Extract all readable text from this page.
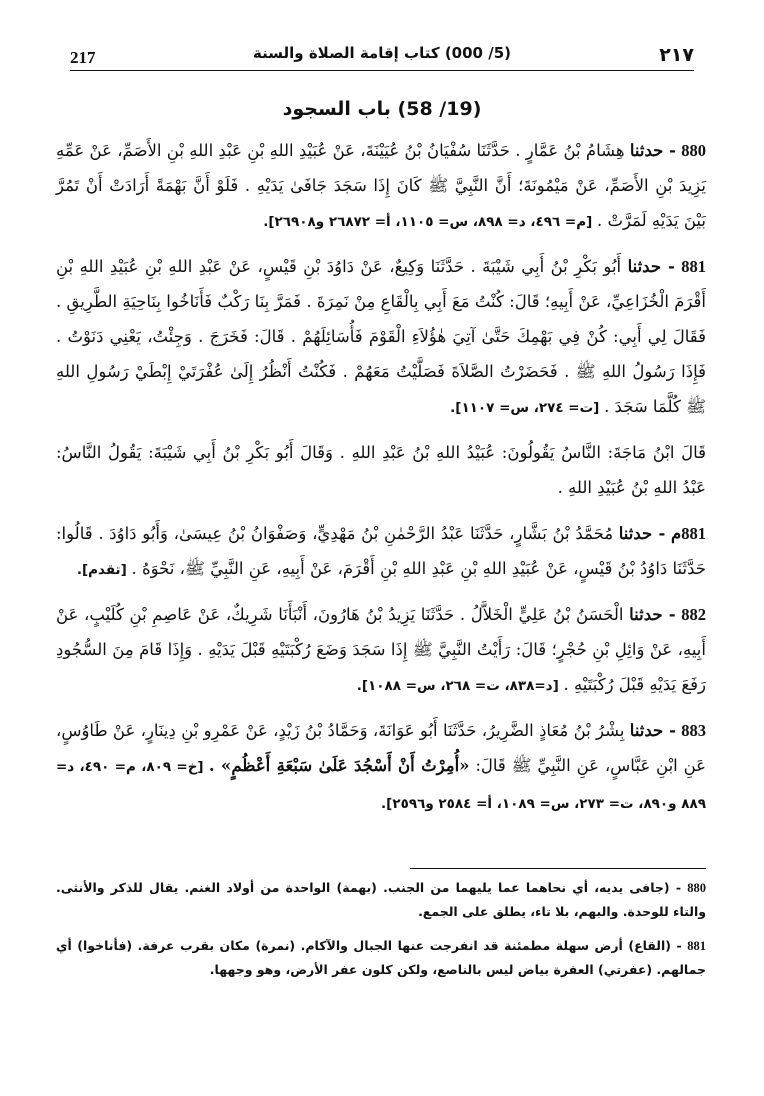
217	(5/ 000) كتاب إقامة الصلاة والسنة	٢١٧
(19/ 58) باب السجود

880 - حدثنا هِشَامُ بْنُ عَمَّارٍ . حَدَّثَنَا سُفْيَانُ بْنُ عُيَيْنَةَ، عَنْ عُبَيْدِ اللهِ بْنِ عَبْدِ اللهِ بْنِ الأَصَمِّ، عَنْ عَمِّهِ يَزِيدَ بْنِ الأَصَمِّ، عَنْ مَيْمُونَةَ؛ أَنَّ النَّبِيَّ ﷺ كَانَ إِذَا سَجَدَ جَافَىٰ يَدَيْهِ . فَلَوْ أَنَّ بَهْمَةً أَرَادَتْ أَنْ تَمُرَّ بَيْنَ يَدَيْهِ لَمَرَّتْ . [م= ٤٩٦، د= ٨٩٨، س= ١١٠٥، أ= ٢٦٨٧٢ و٢٦٩٠٨].

881 - حدثنا أَبُو بَكْرِ بْنُ أَبِي شَيْبَةَ . حَدَّثَنَا وَكِيعٌ، عَنْ دَاوُدَ بْنِ قَيْسٍ، عَنْ عَبْدِ اللهِ بْنِ عُبَيْدِ اللهِ بْنِ أَقْرَمَ الْخُزَاعِيِّ، عَنْ أَبِيهِ؛ قَالَ: كُنْتُ مَعَ أَبِي بِالْقَاعِ مِنْ نَمِرَةَ . فَمَرَّ بِنَا رَكْبٌ فَأَنَاخُوا بِنَاحِيَةِ الطَّرِيقِ . فَقَالَ لِي أَبِي: كُنْ فِي بَهْمِكَ حَتَّىٰ آتِيَ هٰؤُلاَءِ الْقَوْمَ فَأُسَائِلَهُمْ . قَالَ: فَخَرَجَ . وَجِئْتُ، يَعْنِي دَنَوْتُ . فَإِذَا رَسُولُ اللهِ ﷺ . فَحَضَرْتُ الصَّلاَةَ فَصَلَّيْتُ مَعَهُمْ . فَكُنْتُ أَنْظُرُ إِلَىٰ عُفْرَتَيْ إِبْطَيْ رَسُولِ اللهِ ﷺ كُلَّمَا سَجَدَ . [ت= ٢٧٤، س= ١١٠٧].

قَالَ ابْنُ مَاجَةَ: النَّاسُ يَقُولُونَ: عُبَيْدُ اللهِ بْنُ عَبْدِ اللهِ . وَقَالَ أَبُو بَكْرِ بْنُ أَبِي شَيْبَةَ: يَقُولُ النَّاسُ: عَبْدُ اللهِ بْنُ عُبَيْدِ اللهِ .

881م - حدثنا مُحَمَّدُ بْنُ بَشَّارٍ، حَدَّثَنَا عَبْدُ الرَّحْمٰنِ بْنُ مَهْدِيٍّ، وَصَفْوَانُ بْنُ عِيسَىٰ، وَأَبُو دَاوُدَ . قَالُوا: حَدَّثَنَا دَاوُدُ بْنُ قَيْسٍ، عَنْ عُبَيْدِ اللهِ بْنِ عَبْدِ اللهِ بْنِ أَقْرَمَ، عَنْ أَبِيهِ، عَنِ النَّبِيِّ ﷺ، نَحْوَهُ . [تقدم].

882 - حدثنا الْحَسَنُ بْنُ عَلِيٍّ الْخَلاَّلُ . حَدَّثَنَا يَزِيدُ بْنُ هَارُونَ، أَنْبَأَنَا شَرِيكٌ، عَنْ عَاصِمِ بْنِ كُلَيْبٍ، عَنْ أَبِيهِ، عَنْ وَائِلِ بْنِ حُجْرٍ؛ قَالَ: رَأَيْتُ النَّبِيَّ ﷺ إِذَا سَجَدَ وَضَعَ رُكْبَتَيْهِ قَبْلَ يَدَيْهِ . وَإِذَا قَامَ مِنَ السُّجُودِ رَفَعَ يَدَيْهِ قَبْلَ رُكْبَتَيْهِ . [د=٨٣٨، ت= ٢٦٨، س= ١٠٨٨].

883 - حدثنا بِشْرُ بْنُ مُعَاذٍ الضَّرِيرُ، حَدَّثَنَا أَبُو عَوَانَةَ، وَحَمَّادُ بْنُ زَيْدٍ، عَنْ عَمْرِو بْنِ دِينَارٍ، عَنْ طَاوُسٍ، عَنِ ابْنِ عَبَّاسٍ، عَنِ النَّبِيِّ ﷺ قَالَ: «أُمِرْتُ أَنْ أَسْجُدَ عَلَىٰ سَبْعَةِ أَعْظُمٍ» . [خ= ٨٠٩، م= ٤٩٠، د= ٨٨٩ و٨٩٠، ت= ٢٧٣، س= ١٠٨٩، أ= ٢٥٨٤ و٢٥٩٦].

880 - (جافى يديه، أي نحاهما عما يليهما من الجنب. (بهمة) الواحدة من أولاد الغنم. يقال للذكر والأنثى. والتاء للوحدة. والبهم، بلا تاء، يطلق على الجمع.

881 - (القاع) أرض سهلة مطمئنة قد انفرجت عنها الجبال والآكام. (نمرة) مكان بقرب عرفة. (فأناخوا) أي جمالهم. (عفرتي) العفرة بياض ليس بالناصع، ولكن كلون عفر الأرض، وهو وجهها.
